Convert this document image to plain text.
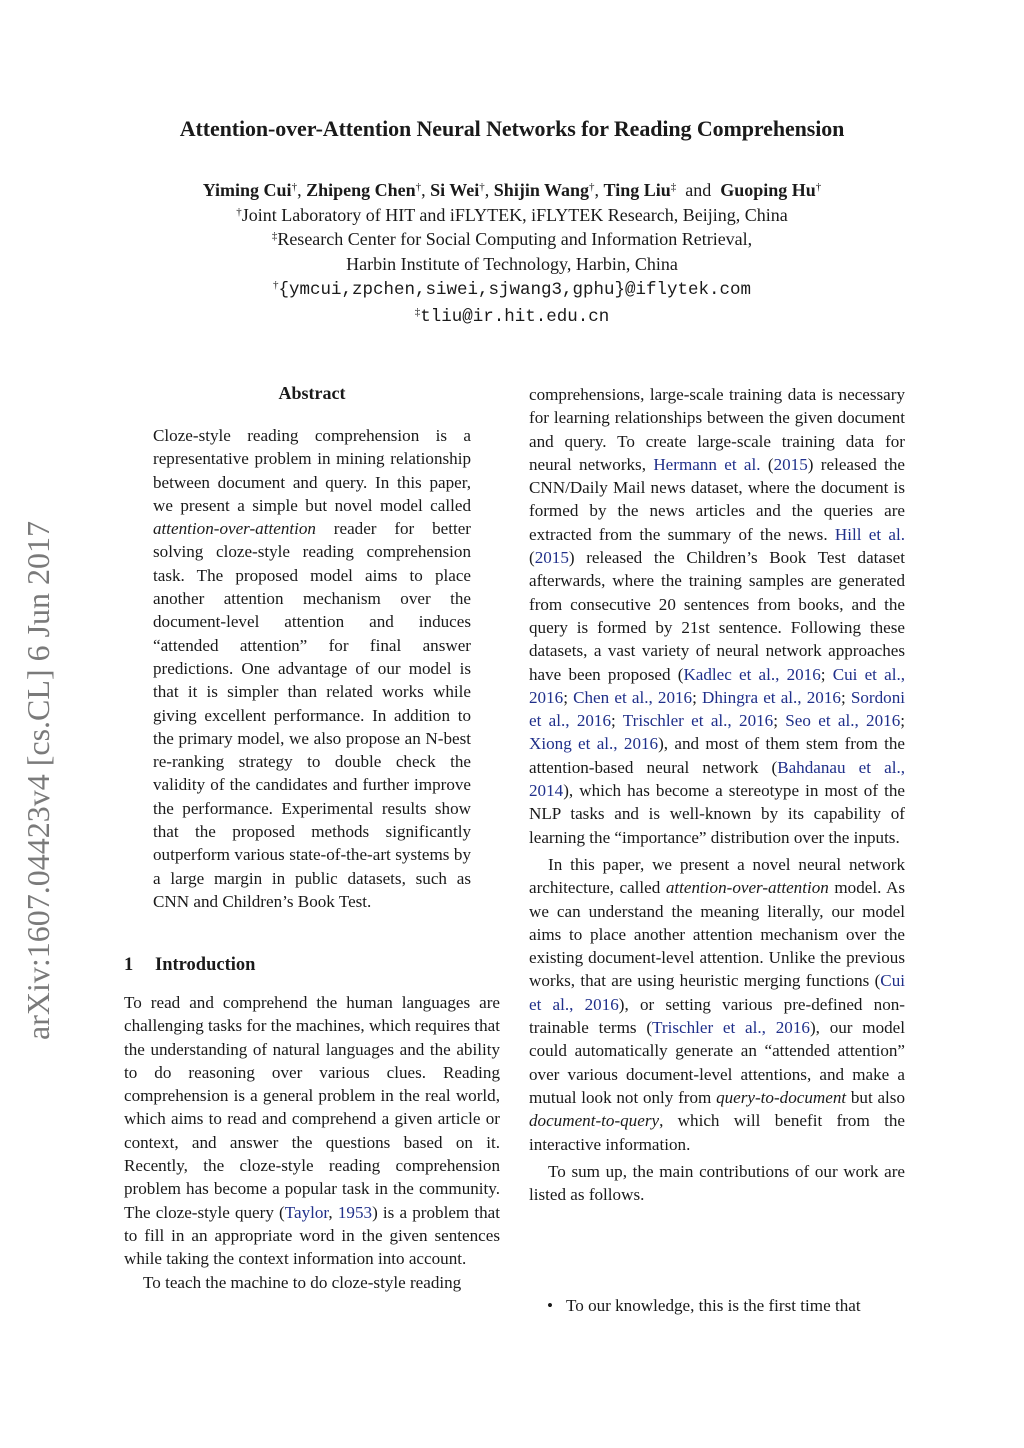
arXiv:1607.04423v4 [cs.CL] 6 Jun 2017
Attention-over-Attention Neural Networks for Reading Comprehension
Yiming Cui†, Zhipeng Chen†, Si Wei†, Shijin Wang†, Ting Liu‡ and Guoping Hu†
†Joint Laboratory of HIT and iFLYTEK, iFLYTEK Research, Beijing, China
‡Research Center for Social Computing and Information Retrieval,
Harbin Institute of Technology, Harbin, China
†{ymcui,zpchen,siwei,sjwang3,gphu}@iflytek.com
‡tliu@ir.hit.edu.cn
Abstract

Cloze-style reading comprehension is a representative problem in mining relationship between document and query. In this paper, we present a simple but novel model called attention-over-attention reader for better solving cloze-style reading comprehension task. The proposed model aims to place another attention mechanism over the document-level attention and induces “attended attention” for final answer predictions. One advantage of our model is that it is simpler than related works while giving excellent performance. In addition to the primary model, we also propose an N-best re-ranking strategy to double check the validity of the candidates and further improve the performance. Experimental results show that the proposed methods significantly outperform various state-of-the-art systems by a large margin in public datasets, such as CNN and Children’s Book Test.

1 Introduction

To read and comprehend the human languages are challenging tasks for the machines, which requires that the understanding of natural languages and the ability to do reasoning over various clues. Reading comprehension is a general problem in the real world, which aims to read and comprehend a given article or context, and answer the questions based on it. Recently, the cloze-style reading comprehension problem has become a popular task in the community. The cloze-style query (Taylor, 1953) is a problem that to fill in an appropriate word in the given sentences while taking the context information into account.

To teach the machine to do cloze-style reading

comprehensions, large-scale training data is necessary for learning relationships between the given document and query. To create large-scale training data for neural networks, Hermann et al. (2015) released the CNN/Daily Mail news dataset, where the document is formed by the news articles and the queries are extracted from the summary of the news. Hill et al. (2015) released the Children’s Book Test dataset afterwards, where the training samples are generated from consecutive 20 sentences from books, and the query is formed by 21st sentence. Following these datasets, a vast variety of neural network approaches have been proposed (Kadlec et al., 2016; Cui et al., 2016; Chen et al., 2016; Dhingra et al., 2016; Sordoni et al., 2016; Trischler et al., 2016; Seo et al., 2016; Xiong et al., 2016), and most of them stem from the attention-based neural network (Bahdanau et al., 2014), which has become a stereotype in most of the NLP tasks and is well-known by its capability of learning the “importance” distribution over the inputs.

In this paper, we present a novel neural network architecture, called attention-over-attention model. As we can understand the meaning literally, our model aims to place another attention mechanism over the existing document-level attention. Unlike the previous works, that are using heuristic merging functions (Cui et al., 2016), or setting various pre-defined non-trainable terms (Trischler et al., 2016), our model could automatically generate an “attended attention” over various document-level attentions, and make a mutual look not only from query-to-document but also document-to-query, which will benefit from the interactive information.

To sum up, the main contributions of our work are listed as follows.

• To our knowledge, this is the first time that
